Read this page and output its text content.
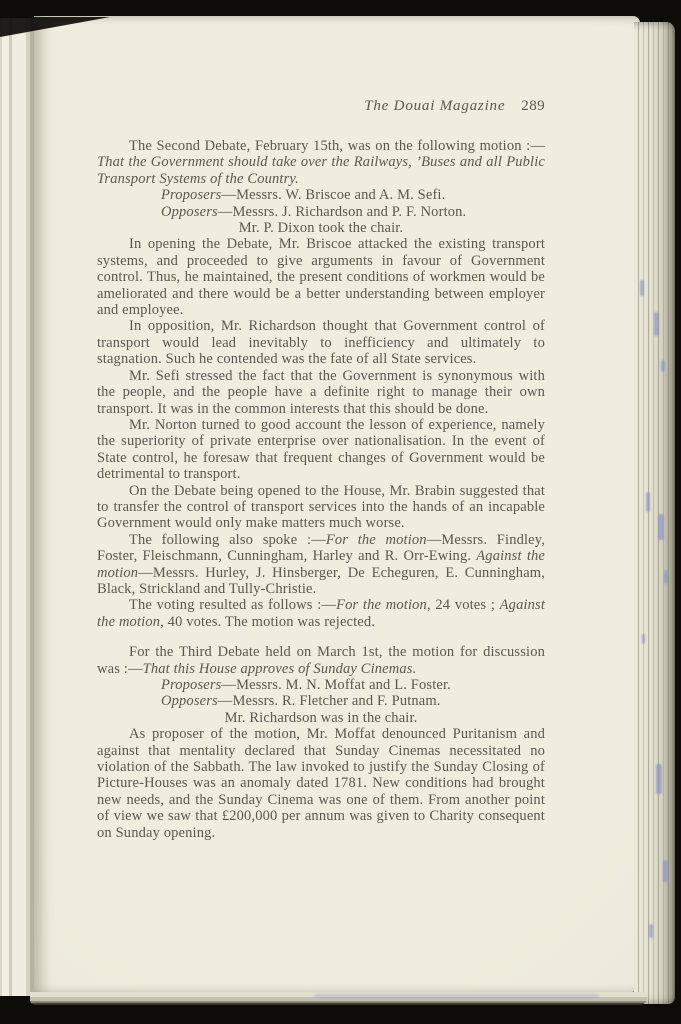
The Douai Magazine 289

The Second Debate, February 15th, was on the following motion :—That the Government should take over the Railways, ’Buses and all Public Transport Systems of the Country.

Proposers—Messrs. W. Briscoe and A. M. Sefi.

Opposers—Messrs. J. Richardson and P. F. Norton.

Mr. P. Dixon took the chair.

In opening the Debate, Mr. Briscoe attacked the existing transport systems, and proceeded to give arguments in favour of Government control. Thus, he maintained, the present conditions of workmen would be ameliorated and there would be a better understanding between employer and employee.

In opposition, Mr. Richardson thought that Government control of transport would lead inevitably to inefficiency and ultimately to stagnation. Such he contended was the fate of all State services.

Mr. Sefi stressed the fact that the Government is synonymous with the people, and the people have a definite right to manage their own transport. It was in the common interests that this should be done.

Mr. Norton turned to good account the lesson of experience, namely the superiority of private enterprise over nationalisation. In the event of State control, he foresaw that frequent changes of Government would be detrimental to transport.

On the Debate being opened to the House, Mr. Brabin suggested that to transfer the control of transport services into the hands of an incapable Government would only make matters much worse.

The following also spoke :—For the motion—Messrs. Findley, Foster, Fleischmann, Cunningham, Harley and R. Orr-Ewing. Against the motion—Messrs. Hurley, J. Hinsberger, De Echeguren, E. Cunningham, Black, Strickland and Tully-Christie.

The voting resulted as follows :—For the motion, 24 votes ; Against the motion, 40 votes. The motion was rejected.

For the Third Debate held on March 1st, the motion for discussion was :—That this House approves of Sunday Cinemas.

Proposers—Messrs. M. N. Moffat and L. Foster.

Opposers—Messrs. R. Fletcher and F. Putnam.

Mr. Richardson was in the chair.

As proposer of the motion, Mr. Moffat denounced Puritanism and against that mentality declared that Sunday Cinemas necessitated no violation of the Sabbath. The law invoked to justify the Sunday Closing of Picture-Houses was an anomaly dated 1781. New conditions had brought new needs, and the Sunday Cinema was one of them. From another point of view we saw that £200,000 per annum was given to Charity consequent on Sunday opening.
